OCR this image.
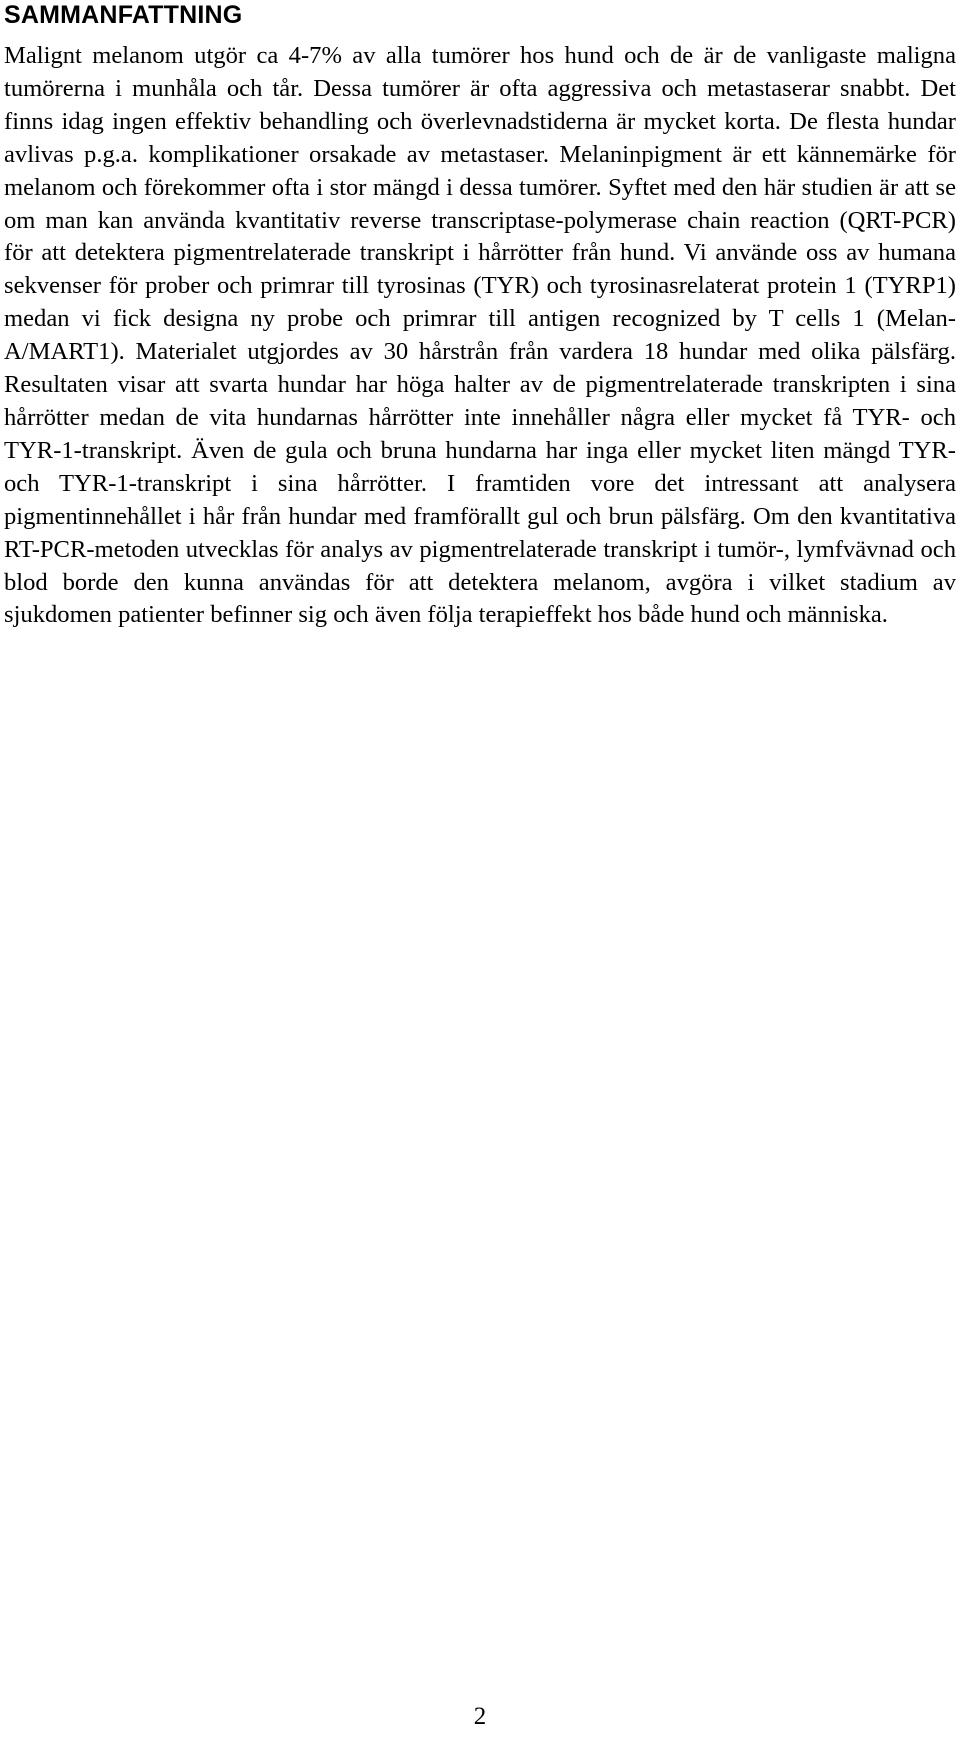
SAMMANFATTNING

Malignt melanom utgör ca 4-7% av alla tumörer hos hund och de är de vanligaste maligna tumörerna i munhåla och tår. Dessa tumörer är ofta aggressiva och metastaserar snabbt. Det finns idag ingen effektiv behandling och överlevnadstiderna är mycket korta. De flesta hundar avlivas p.g.a. komplikationer orsakade av metastaser. Melaninpigment är ett kännemärke för melanom och förekommer ofta i stor mängd i dessa tumörer. Syftet med den här studien är att se om man kan använda kvantitativ reverse transcriptase-polymerase chain reaction (QRT-PCR) för att detektera pigmentrelaterade transkript i hårrötter från hund. Vi använde oss av humana sekvenser för prober och primrar till tyrosinas (TYR) och tyrosinasrelaterat protein 1 (TYRP1) medan vi fick designa ny probe och primrar till antigen recognized by T cells 1 (Melan-A/MART1). Materialet utgjordes av 30 hårstrån från vardera 18 hundar med olika pälsfärg. Resultaten visar att svarta hundar har höga halter av de pigmentrelaterade transkripten i sina hårrötter medan de vita hundarnas hårrötter inte innehåller några eller mycket få TYR- och TYR-1-transkript. Även de gula och bruna hundarna har inga eller mycket liten mängd TYR- och TYR-1-transkript i sina hårrötter. I framtiden vore det intressant att analysera pigmentinnehållet i hår från hundar med framförallt gul och brun pälsfärg. Om den kvantitativa RT-PCR-metoden utvecklas för analys av pigmentrelaterade transkript i tumör-, lymfvävnad och blod borde den kunna användas för att detektera melanom, avgöra i vilket stadium av sjukdomen patienter befinner sig och även följa terapieffekt hos både hund och människa.

2
